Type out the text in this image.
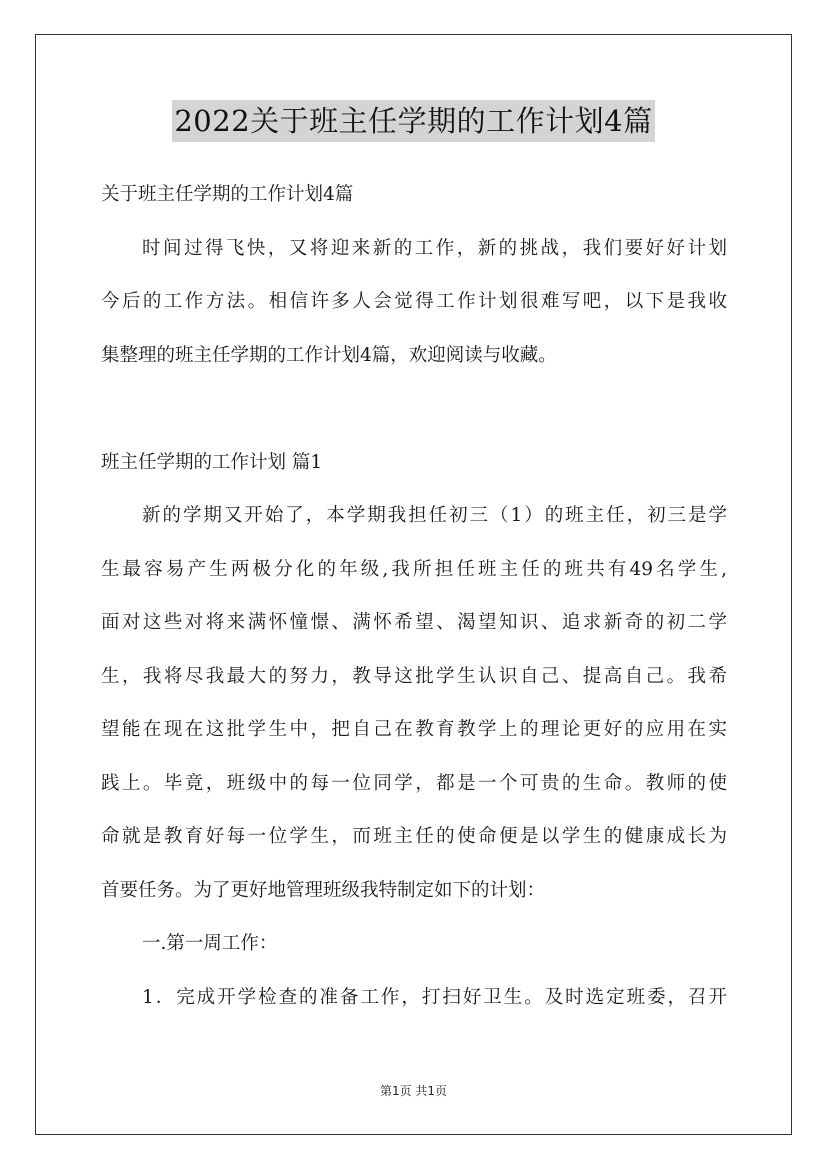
2022关于班主任学期的工作计划4篇

关于班主任学期的工作计划4篇

时间过得飞快，又将迎来新的工作，新的挑战，我们要好好计划

今后的工作方法。相信许多人会觉得工作计划很难写吧，以下是我收

集整理的班主任学期的工作计划4篇，欢迎阅读与收藏。

班主任学期的工作计划 篇1

新的学期又开始了，本学期我担任初三（1）的班主任，初三是学

生最容易产生两极分化的年级,我所担任班主任的班共有49名学生,

面对这些对将来满怀憧憬、满怀希望、渴望知识、追求新奇的初二学

生，我将尽我最大的努力，教导这批学生认识自己、提高自己。我希

望能在现在这批学生中，把自己在教育教学上的理论更好的应用在实

践上。毕竟，班级中的每一位同学，都是一个可贵的生命。教师的使

命就是教育好每一位学生，而班主任的使命便是以学生的健康成长为

首要任务。为了更好地管理班级我特制定如下的计划：

一.第一周工作：

1．完成开学检查的准备工作，打扫好卫生。及时选定班委，召开

第1页 共1页
